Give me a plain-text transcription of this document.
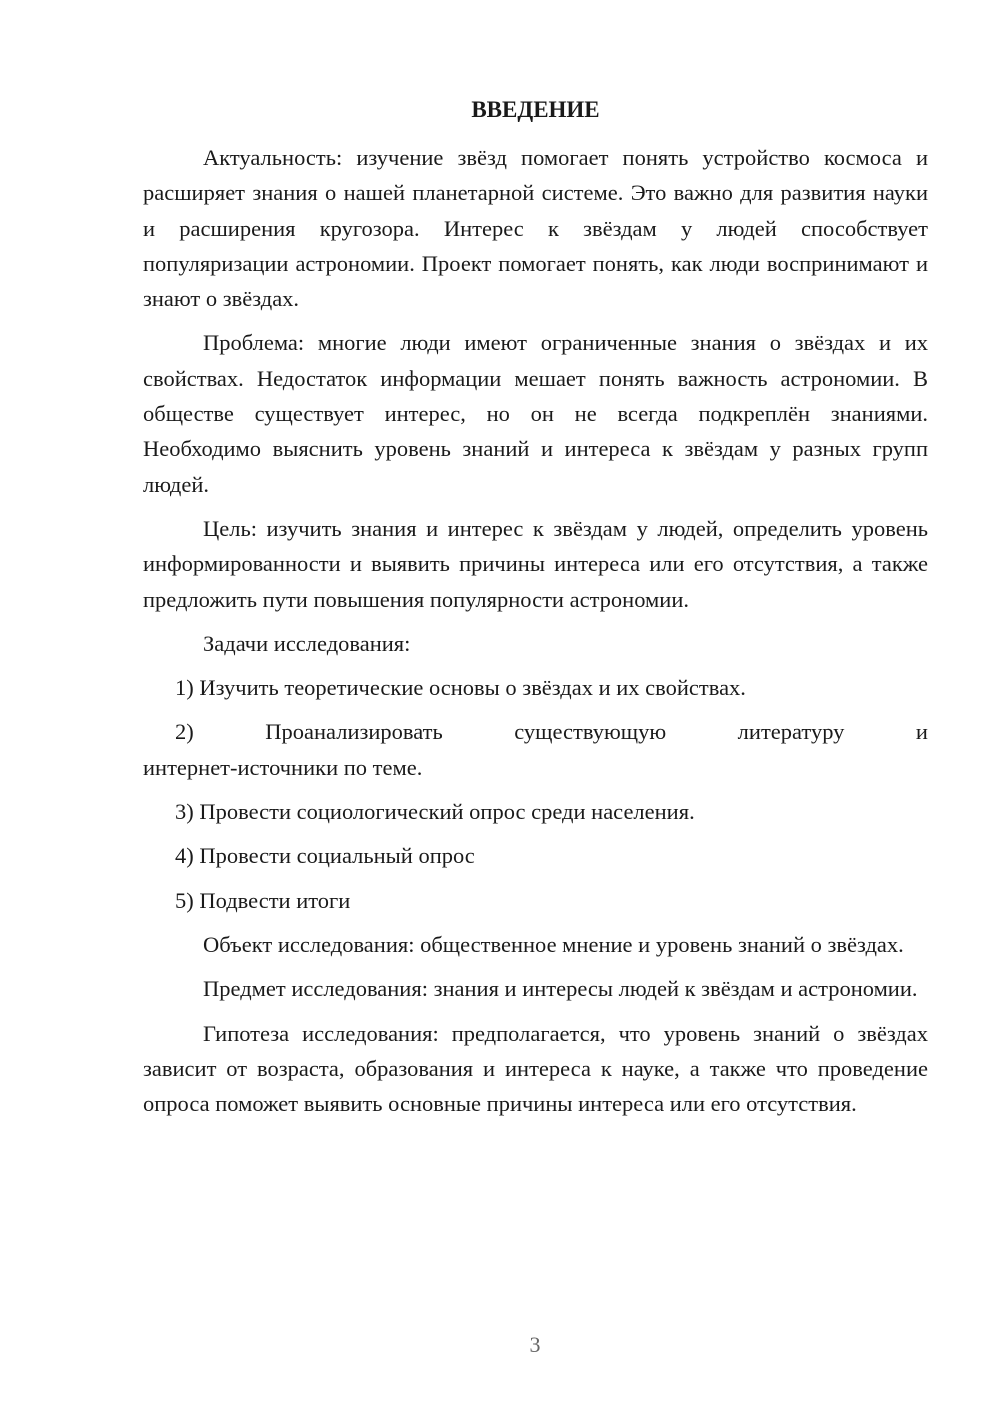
ВВЕДЕНИЕ

Актуальность: изучение звёзд помогает понять устройство космоса и расширяет знания о нашей планетарной системе. Это важно для развития науки и расширения кругозора. Интерес к звёздам у людей способствует популяризации астрономии. Проект помогает понять, как люди воспринимают и знают о звёздах.

Проблема: многие люди имеют ограниченные знания о звёздах и их свойствах. Недостаток информации мешает понять важность астрономии. В обществе существует интерес, но он не всегда подкреплён знаниями. Необходимо выяснить уровень знаний и интереса к звёздам у разных групп людей.

Цель: изучить знания и интерес к звёздам у людей, определить уровень информированности и выявить причины интереса или его отсутствия, а также предложить пути повышения популярности астрономии.

Задачи исследования:

1) Изучить теоретические основы о звёздах и их свойствах.

2)	Проанализировать	существующую	литературу	и
интернет-источники по теме.

3) Провести социологический опрос среди населения.

4) Провести социальный опрос

5) Подвести итоги

Объект исследования: общественное мнение и уровень знаний о звёздах.

Предмет исследования: знания и интересы людей к звёздам и астрономии.

Гипотеза исследования: предполагается, что уровень знаний о звёздах зависит от возраста, образования и интереса к науке, а также что проведение опроса поможет выявить основные причины интереса или его отсутствия.

3
